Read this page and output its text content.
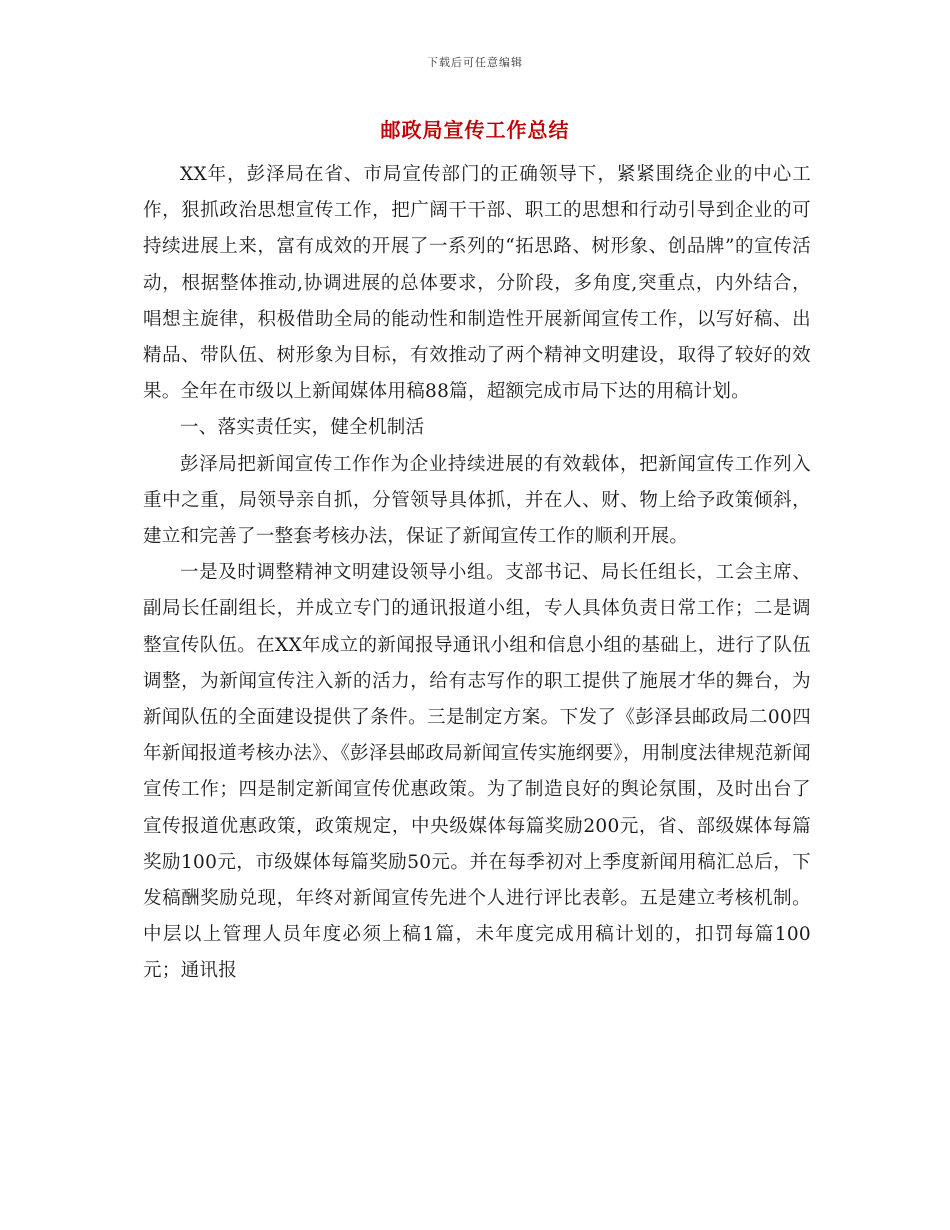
下载后可任意编辑
邮政局宣传工作总结

XX年，彭泽局在省、市局宣传部门的正确领导下，紧紧围绕企业的中心工作，狠抓政治思想宣传工作，把广阔干干部、职工的思想和行动引导到企业的可持续进展上来，富有成效的开展了一系列的“拓思路、树形象、创品牌”的宣传活动，根据整体推动,协调进展的总体要求，分阶段，多角度,突重点，内外结合，唱想主旋律，积极借助全局的能动性和制造性开展新闻宣传工作，以写好稿、出精品、带队伍、树形象为目标，有效推动了两个精神文明建设，取得了较好的效果。全年在市级以上新闻媒体用稿88篇，超额完成市局下达的用稿计划。

一、落实责任实，健全机制活

彭泽局把新闻宣传工作作为企业持续进展的有效载体，把新闻宣传工作列入重中之重，局领导亲自抓，分管领导具体抓，并在人、财、物上给予政策倾斜，建立和完善了一整套考核办法，保证了新闻宣传工作的顺利开展。

一是及时调整精神文明建设领导小组。支部书记、局长任组长，工会主席、副局长任副组长，并成立专门的通讯报道小组，专人具体负责日常工作；二是调整宣传队伍。在XX年成立的新闻报导通讯小组和信息小组的基础上，进行了队伍调整，为新闻宣传注入新的活力，给有志写作的职工提供了施展才华的舞台，为新闻队伍的全面建设提供了条件。三是制定方案。下发了《彭泽县邮政局二00四年新闻报道考核办法》、《彭泽县邮政局新闻宣传实施纲要》，用制度法律规范新闻宣传工作；四是制定新闻宣传优惠政策。为了制造良好的舆论氛围，及时出台了宣传报道优惠政策，政策规定，中央级媒体每篇奖励200元，省、部级媒体每篇奖励100元，市级媒体每篇奖励50元。并在每季初对上季度新闻用稿汇总后，下发稿酬奖励兑现，年终对新闻宣传先进个人进行评比表彰。五是建立考核机制。中层以上管理人员年度必须上稿1篇，未年度完成用稿计划的，扣罚每篇100元；通讯报
